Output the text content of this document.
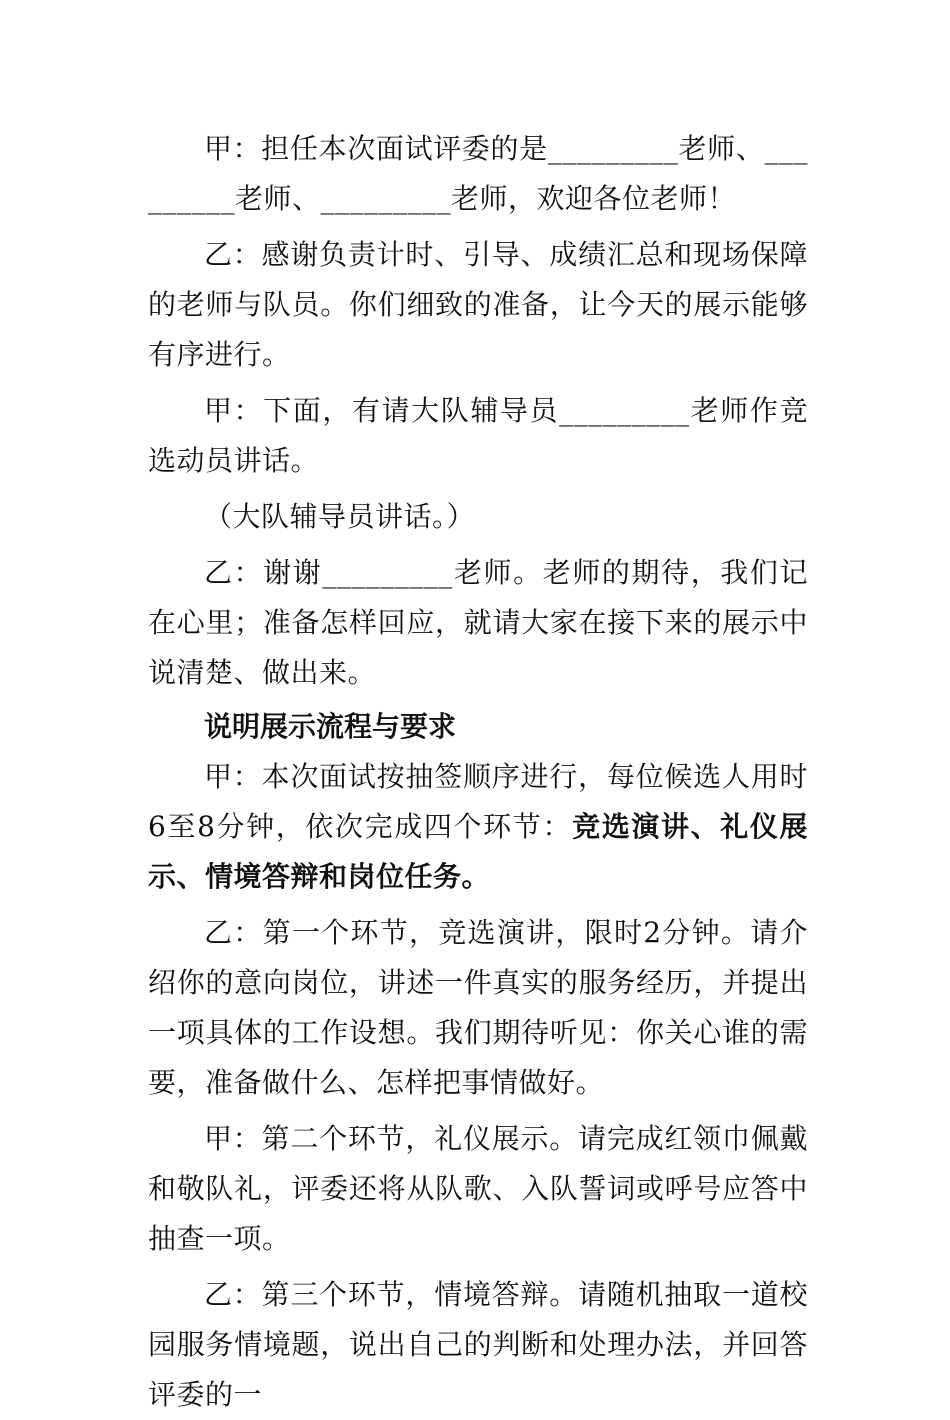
甲：担任本次面试评委的是_________老师、_________老师、_________老师，欢迎各位老师！

乙：感谢负责计时、引导、成绩汇总和现场保障的老师与队员。你们细致的准备，让今天的展示能够有序进行。

甲：下面，有请大队辅导员_________老师作竞选动员讲话。

（大队辅导员讲话。）

乙：谢谢_________老师。老师的期待，我们记在心里；准备怎样回应，就请大家在接下来的展示中说清楚、做出来。

说明展示流程与要求

甲：本次面试按抽签顺序进行，每位候选人用时6至8分钟，依次完成四个环节：竞选演讲、礼仪展示、情境答辩和岗位任务。

乙：第一个环节，竞选演讲，限时2分钟。请介绍你的意向岗位，讲述一件真实的服务经历，并提出一项具体的工作设想。我们期待听见：你关心谁的需要，准备做什么、怎样把事情做好。

甲：第二个环节，礼仪展示。请完成红领巾佩戴和敬队礼，评委还将从队歌、入队誓词或呼号应答中抽查一项。

乙：第三个环节，情境答辩。请随机抽取一道校园服务情境题，说出自己的判断和处理办法，并回答评委的一
